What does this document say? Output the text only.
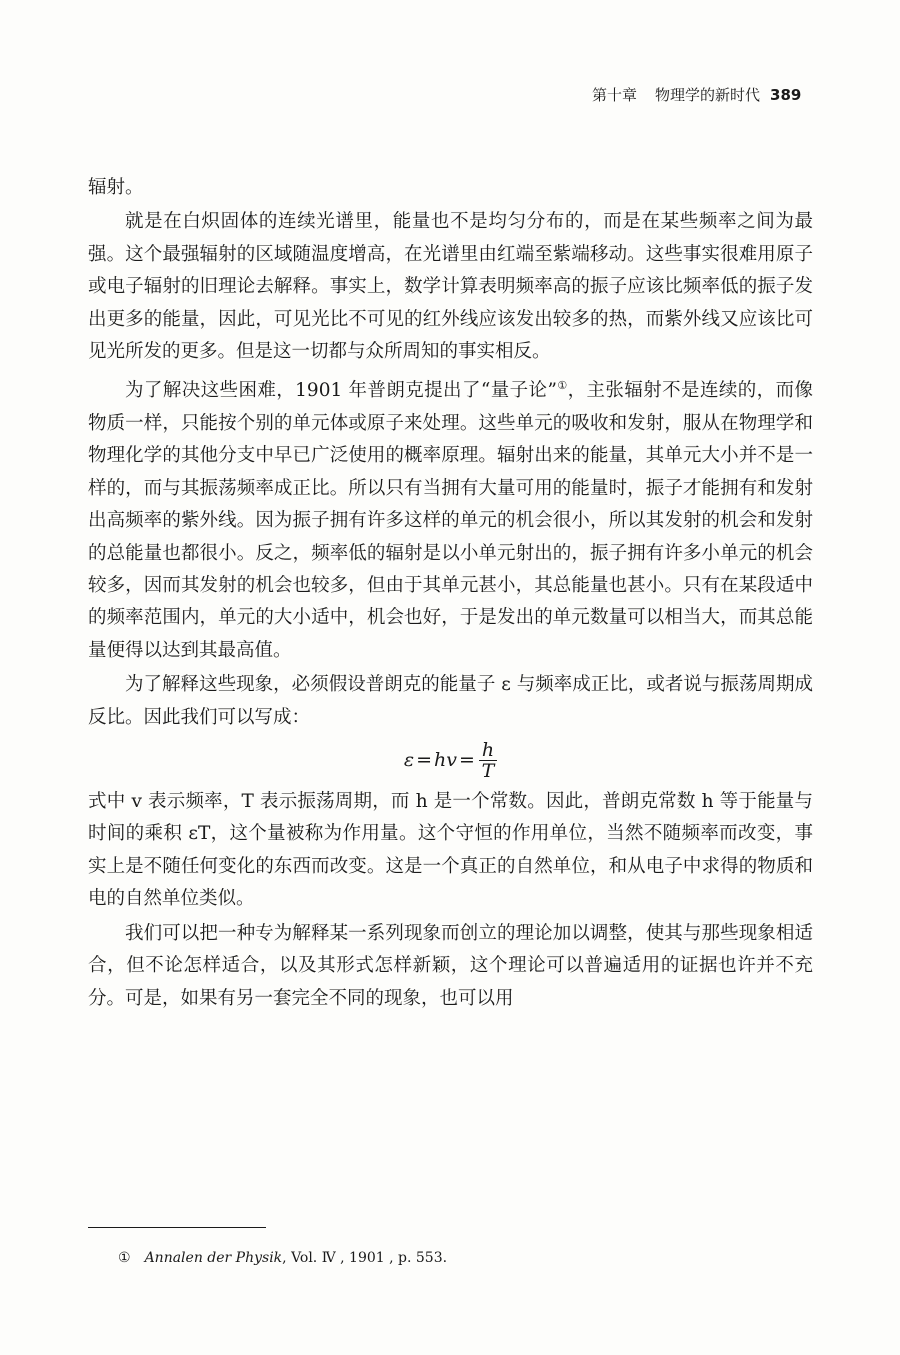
第十章 物理学的新时代 389

辐射。

就是在白炽固体的连续光谱里，能量也不是均匀分布的，而是在某些频率之间为最强。这个最强辐射的区域随温度增高，在光谱里由红端至紫端移动。这些事实很难用原子或电子辐射的旧理论去解释。事实上，数学计算表明频率高的振子应该比频率低的振子发出更多的能量，因此，可见光比不可见的红外线应该发出较多的热，而紫外线又应该比可见光所发的更多。但是这一切都与众所周知的事实相反。

为了解决这些困难，1901 年普朗克提出了“量子论”①，主张辐射不是连续的，而像物质一样，只能按个别的单元体或原子来处理。这些单元的吸收和发射，服从在物理学和物理化学的其他分支中早已广泛使用的概率原理。辐射出来的能量，其单元大小并不是一样的，而与其振荡频率成正比。所以只有当拥有大量可用的能量时，振子才能拥有和发射出高频率的紫外线。因为振子拥有许多这样的单元的机会很小，所以其发射的机会和发射的总能量也都很小。反之，频率低的辐射是以小单元射出的，振子拥有许多小单元的机会较多，因而其发射的机会也较多，但由于其单元甚小，其总能量也甚小。只有在某段适中的频率范围内，单元的大小适中，机会也好，于是发出的单元数量可以相当大，而其总能量便得以达到其最高值。

为了解释这些现象，必须假设普朗克的能量子 ε 与频率成正比，或者说与振荡周期成反比。因此我们可以写成：

ε = hv = $\frac{h}{T}$

式中 v 表示频率，T 表示振荡周期，而 h 是一个常数。因此，普朗克常数 h 等于能量与时间的乘积 εT，这个量被称为作用量。这个守恒的作用单位，当然不随频率而改变，事实上是不随任何变化的东西而改变。这是一个真正的自然单位，和从电子中求得的物质和电的自然单位类似。

我们可以把一种专为解释某一系列现象而创立的理论加以调整，使其与那些现象相适合，但不论怎样适合，以及其形式怎样新颖，这个理论可以普遍适用的证据也许并不充分。可是，如果有另一套完全不同的现象，也可以用

① Annalen der Physik, Vol. Ⅳ , 1901 , p. 553.
